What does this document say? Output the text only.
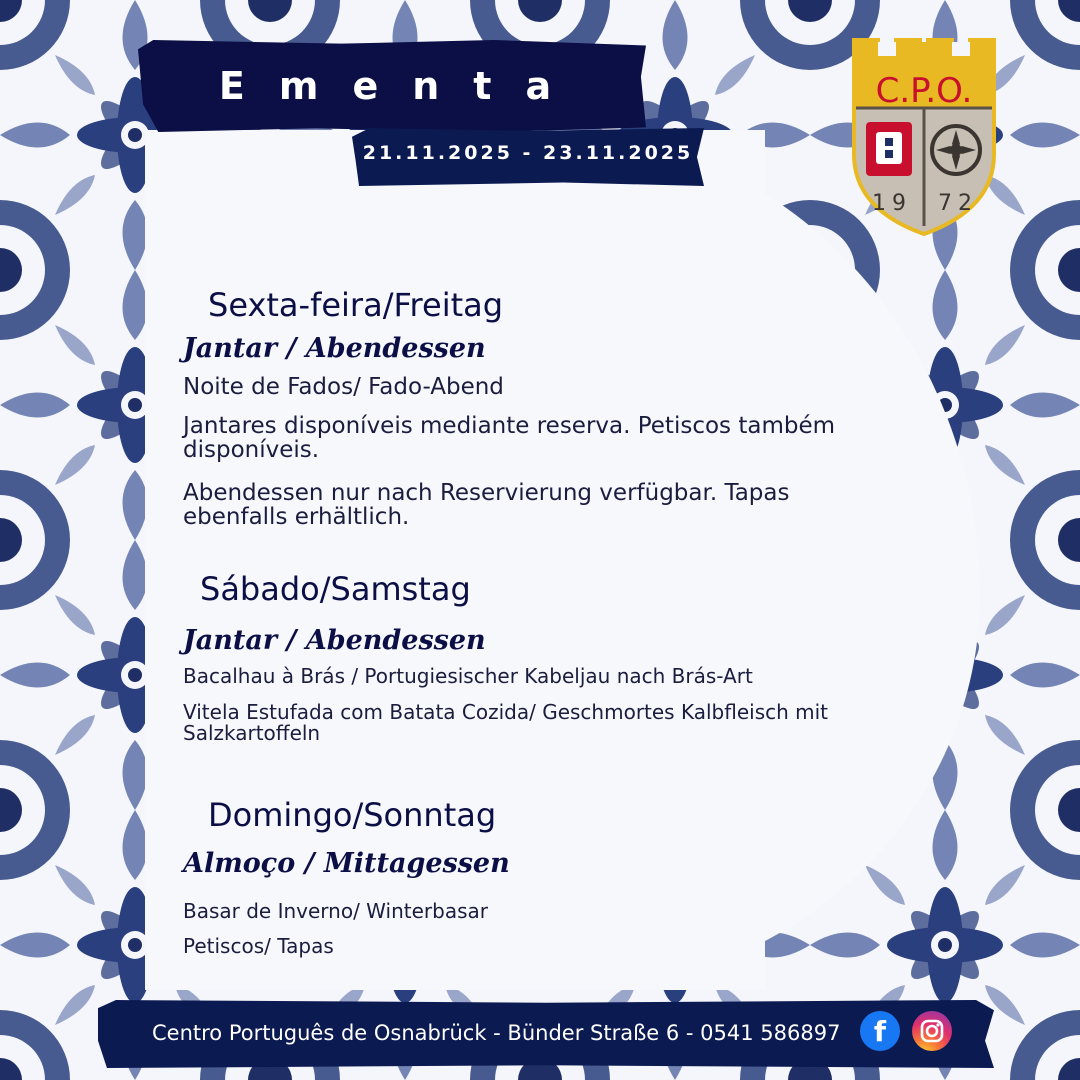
Ementa
21.11.2025 - 23.11.2025
C.P.O.
19 72
Sexta-feira/Freitag
Jantar / Abendessen
Noite de Fados/ Fado-Abend
Jantares disponíveis mediante reserva. Petiscos também disponíveis.
Abendessen nur nach Reservierung verfügbar. Tapas ebenfalls erhältlich.
Sábado/Samstag
Jantar / Abendessen
Bacalhau à Brás / Portugiesischer Kabeljau nach Brás-Art
Vitela Estufada com Batata Cozida/ Geschmortes Kalbfleisch mit Salzkartoffeln
Domingo/Sonntag
Almoço / Mittagessen
Basar de Inverno/ Winterbasar
Petiscos/ Tapas
Centro Português de Osnabrück - Bünder Straße 6 - 0541 586897	f
